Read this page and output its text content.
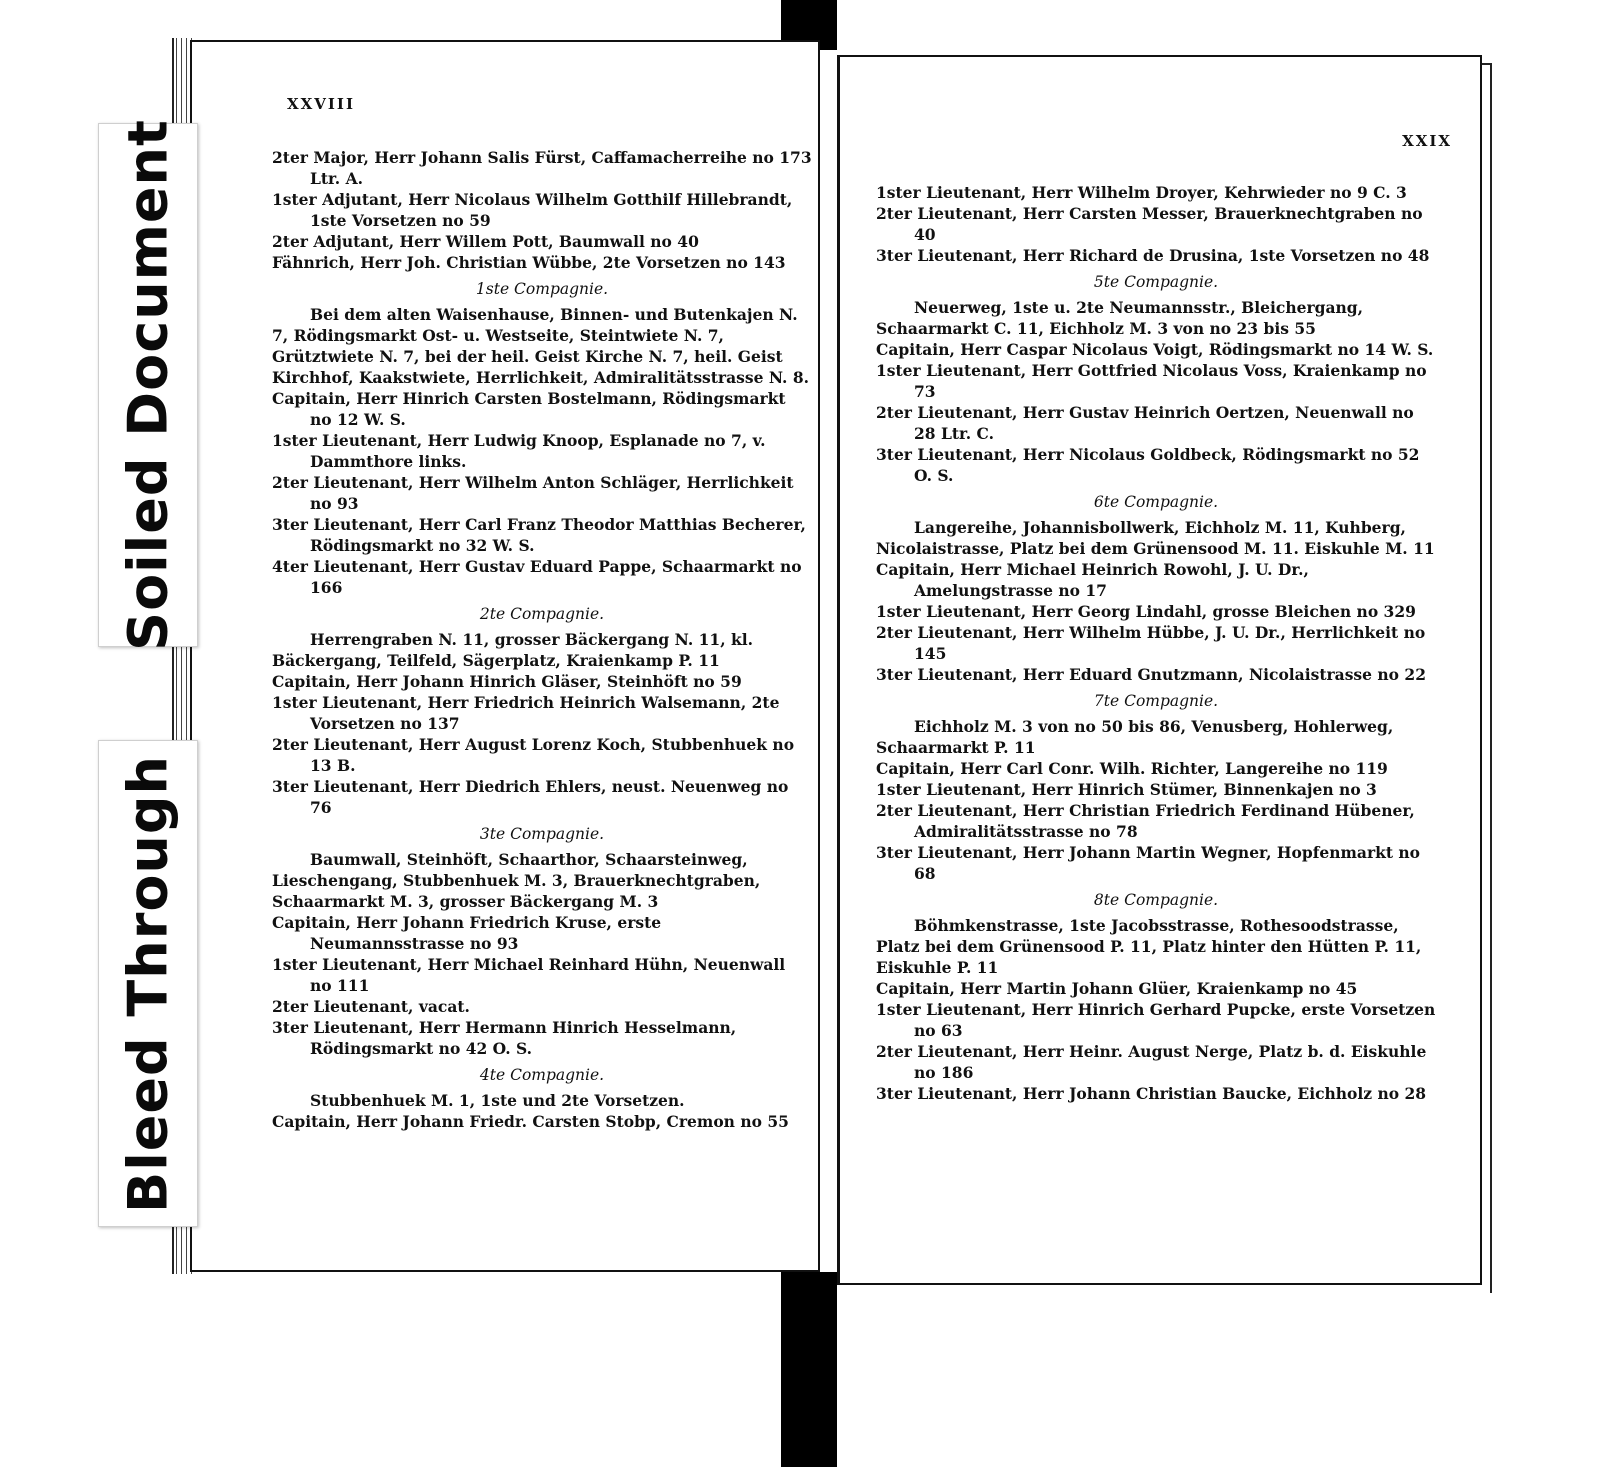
XXVIII

2ter Major, Herr Johann Salis Fürst, Caffamacherreihe no 173 Ltr. A.

1ster Adjutant, Herr Nicolaus Wilhelm Gotthilf Hillebrandt, 1ste Vorsetzen no 59

2ter Adjutant, Herr Willem Pott, Baumwall no 40

Fähnrich, Herr Joh. Christian Wübbe, 2te Vorsetzen no 143

1ste Compagnie.

Bei dem alten Waisenhause, Binnen- und Butenkajen N. 7, Rödingsmarkt Ost- u. Westseite, Steintwiete N. 7, Grütztwiete N. 7, bei der heil. Geist Kirche N. 7, heil. Geist Kirchhof, Kaakstwiete, Herrlichkeit, Admiralitätsstrasse N. 8.

Capitain, Herr Hinrich Carsten Bostelmann, Rödingsmarkt no 12 W. S.

1ster Lieutenant, Herr Ludwig Knoop, Esplanade no 7, v. Dammthore links.

2ter Lieutenant, Herr Wilhelm Anton Schläger, Herrlichkeit no 93

3ter Lieutenant, Herr Carl Franz Theodor Matthias Becherer, Rödingsmarkt no 32 W. S.

4ter Lieutenant, Herr Gustav Eduard Pappe, Schaarmarkt no 166

2te Compagnie.

Herrengraben N. 11, grosser Bäckergang N. 11, kl. Bäckergang, Teilfeld, Sägerplatz, Kraienkamp P. 11

Capitain, Herr Johann Hinrich Gläser, Steinhöft no 59

1ster Lieutenant, Herr Friedrich Heinrich Walsemann, 2te Vorsetzen no 137

2ter Lieutenant, Herr August Lorenz Koch, Stubbenhuek no 13 B.

3ter Lieutenant, Herr Diedrich Ehlers, neust. Neuenweg no 76

3te Compagnie.

Baumwall, Steinhöft, Schaarthor, Schaarsteinweg, Lieschengang, Stubbenhuek M. 3, Brauerknechtgraben, Schaarmarkt M. 3, grosser Bäckergang M. 3

Capitain, Herr Johann Friedrich Kruse, erste Neumannsstrasse no 93

1ster Lieutenant, Herr Michael Reinhard Hühn, Neuenwall no 111

2ter Lieutenant, vacat.

3ter Lieutenant, Herr Hermann Hinrich Hesselmann, Rödingsmarkt no 42 O. S.

4te Compagnie.

Stubbenhuek M. 1, 1ste und 2te Vorsetzen.

Capitain, Herr Johann Friedr. Carsten Stobp, Cremon no 55

XXIX

1ster Lieutenant, Herr Wilhelm Droyer, Kehrwieder no 9 C. 3

2ter Lieutenant, Herr Carsten Messer, Brauerknechtgraben no 40

3ter Lieutenant, Herr Richard de Drusina, 1ste Vorsetzen no 48

5te Compagnie.

Neuerweg, 1ste u. 2te Neumannsstr., Bleichergang, Schaarmarkt C. 11, Eichholz M. 3 von no 23 bis 55

Capitain, Herr Caspar Nicolaus Voigt, Rödingsmarkt no 14 W. S.

1ster Lieutenant, Herr Gottfried Nicolaus Voss, Kraienkamp no 73

2ter Lieutenant, Herr Gustav Heinrich Oertzen, Neuenwall no 28 Ltr. C.

3ter Lieutenant, Herr Nicolaus Goldbeck, Rödingsmarkt no 52 O. S.

6te Compagnie.

Langereihe, Johannisbollwerk, Eichholz M. 11, Kuhberg, Nicolaistrasse, Platz bei dem Grünensood M. 11. Eiskuhle M. 11

Capitain, Herr Michael Heinrich Rowohl, J. U. Dr., Amelungstrasse no 17

1ster Lieutenant, Herr Georg Lindahl, grosse Bleichen no 329

2ter Lieutenant, Herr Wilhelm Hübbe, J. U. Dr., Herrlichkeit no 145

3ter Lieutenant, Herr Eduard Gnutzmann, Nicolaistrasse no 22

7te Compagnie.

Eichholz M. 3 von no 50 bis 86, Venusberg, Hohlerweg, Schaarmarkt P. 11

Capitain, Herr Carl Conr. Wilh. Richter, Langereihe no 119

1ster Lieutenant, Herr Hinrich Stümer, Binnenkajen no 3

2ter Lieutenant, Herr Christian Friedrich Ferdinand Hübener, Admiralitätsstrasse no 78

3ter Lieutenant, Herr Johann Martin Wegner, Hopfenmarkt no 68

8te Compagnie.

Böhmkenstrasse, 1ste Jacobsstrasse, Rothesoodstrasse, Platz bei dem Grünensood P. 11, Platz hinter den Hütten P. 11, Eiskuhle P. 11

Capitain, Herr Martin Johann Glüer, Kraienkamp no 45

1ster Lieutenant, Herr Hinrich Gerhard Pupcke, erste Vorsetzen no 63

2ter Lieutenant, Herr Heinr. August Nerge, Platz b. d. Eiskuhle no 186

3ter Lieutenant, Herr Johann Christian Baucke, Eichholz no 28

Soiled Document
Bleed Through
